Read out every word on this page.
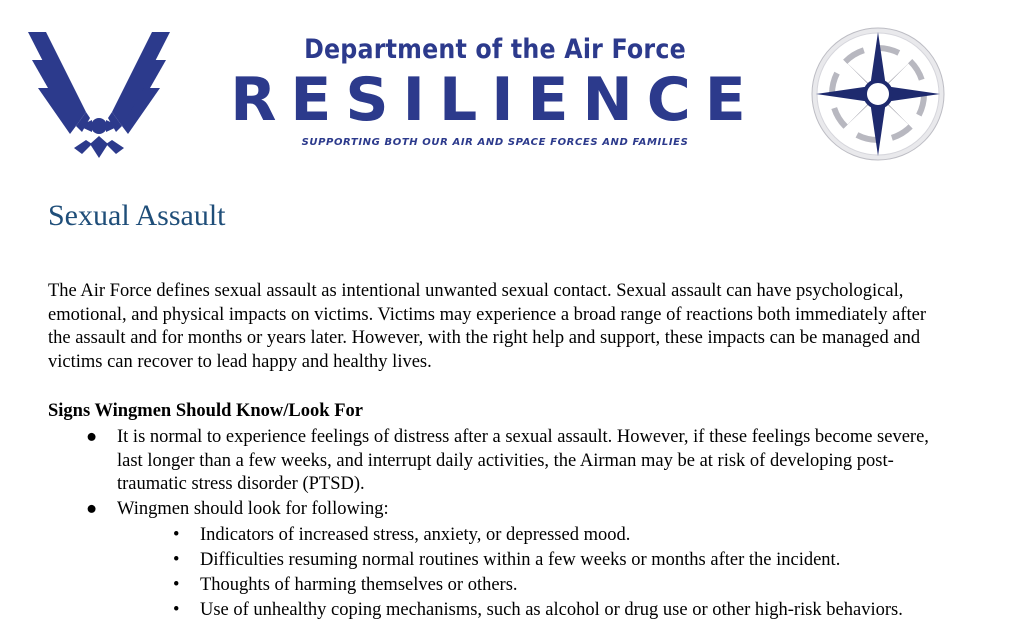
Department of the Air Force
RESILIENCE
SUPPORTING BOTH OUR AIR AND SPACE FORCES AND FAMILIES
Sexual Assault

The Air Force defines sexual assault as intentional unwanted sexual contact. Sexual assault can have psychological, emotional, and physical impacts on victims. Victims may experience a broad range of reactions both immediately after the assault and for months or years later. However, with the right help and support, these impacts can be managed and victims can recover to lead happy and healthy lives.

Signs Wingmen Should Know/Look For
● It is normal to experience feelings of distress after a sexual assault. However, if these feelings become severe, last longer than a few weeks, and interrupt daily activities, the Airman may be at risk of developing post-traumatic stress disorder (PTSD).
● Wingmen should look for following:
• Indicators of increased stress, anxiety, or depressed mood.
• Difficulties resuming normal routines within a few weeks or months after the incident.
• Thoughts of harming themselves or others.
• Use of unhealthy coping mechanisms, such as alcohol or drug use or other high-risk behaviors.
